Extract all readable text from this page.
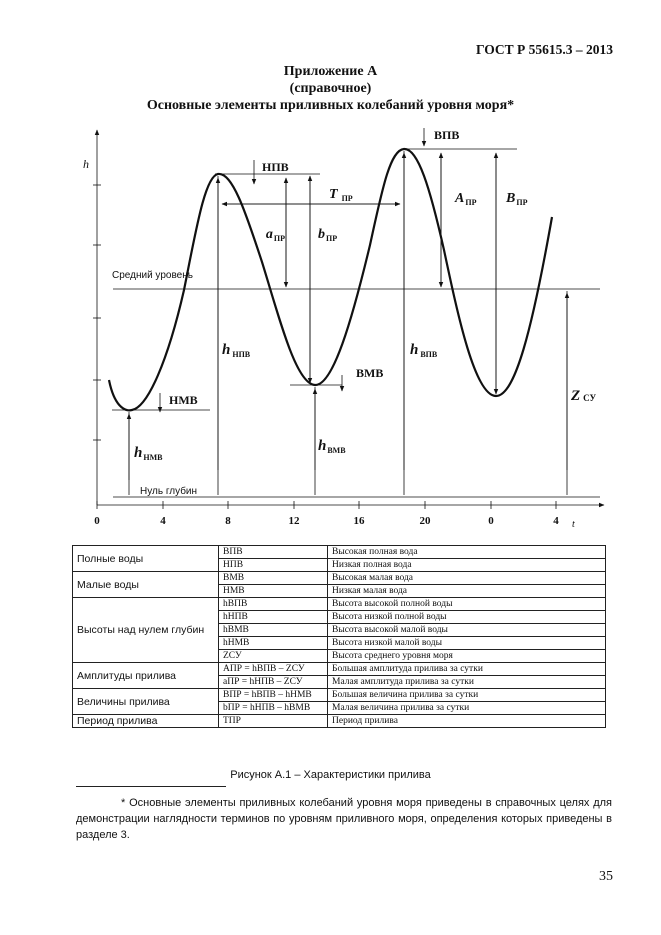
ГОСТ Р 55615.3 – 2013
Приложение А
(справочное)
Основные элементы приливных колебаний уровня моря*
0	4	8	12	16	20	0	4 t
h
Средний уровень
Нуль глубин
НПВ
ВПВ
ВМВ
НМВ
T $_{ПР}$
$a_{ПР}$ $b_{ПР}$
$A_{ПР}$ $B_{ПР}$
h $_{НПВ}$	h $_{ВПВ}$
$h_{ВМВ}$
$h_{НМВ}$
ZСУ
Полные воды	ВПВ	Высокая полная вода
	НПВ	Низкая полная вода
Малые воды	ВМВ	Высокая малая вода
	НМВ	Низкая малая вода
Высоты над нулем глубин	hВПВ	Высота высокой полной воды
	hНПВ	Высота низкой полной воды
	hВМВ	Высота высокой малой воды
	hНМВ	Высота низкой малой воды
	ZСУ	Высота среднего уровня моря
Амплитуды прилива	AПР = hВПВ – ZСУ	Большая амплитуда прилива за сутки
	aПР = hНПВ – ZСУ	Малая амплитуда прилива за сутки
Величины прилива	BПР = hВПВ – hНМВ	Большая величина прилива за сутки
	bПР = hНПВ – hВМВ	Малая величина прилива за сутки
Период прилива	TПР	Период прилива
Рисунок А.1 – Характеристики прилива
* Основные элементы приливных колебаний уровня моря приведены в справочных целях для демонстрации наглядности терминов по уровням приливного моря, определения которых приведены в разделе 3.
35
